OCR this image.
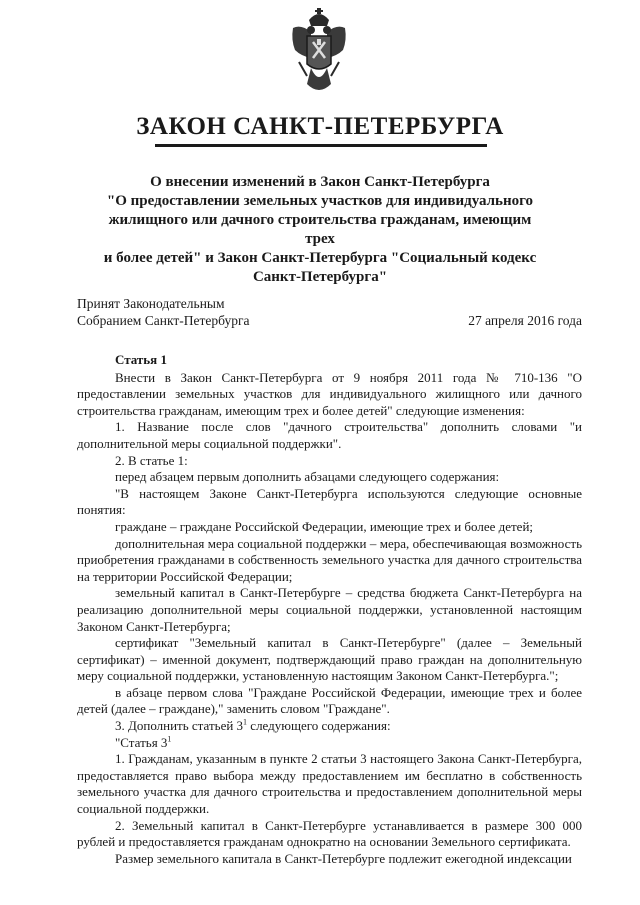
ЗАКОН САНКТ-ПЕТЕРБУРГА
О внесении изменений в Закон Санкт-Петербурга
"О предоставлении земельных участков для индивидуального
жилищного или дачного строительства гражданам, имеющим трех
и более детей" и Закон Санкт-Петербурга "Социальный кодекс
Санкт-Петербурга"
Принят Законодательным
Собранием Санкт-Петербурга	27 апреля 2016 года

Статья 1

Внести в Закон Санкт-Петербурга от 9 ноября 2011 года № 710-136 "О предоставлении земельных участков для индивидуального жилищного или дачного строительства гражданам, имеющим трех и более детей" следующие изменения:

1. Название после слов "дачного строительства" дополнить словами "и дополнительной меры социальной поддержки".

2. В статье 1:

перед абзацем первым дополнить абзацами следующего содержания:

"В настоящем Законе Санкт-Петербурга используются следующие основные понятия:

граждане – граждане Российской Федерации, имеющие трех и более детей;

дополнительная мера социальной поддержки – мера, обеспечивающая возможность приобретения гражданами в собственность земельного участка для дачного строительства на территории Российской Федерации;

земельный капитал в Санкт-Петербурге – средства бюджета Санкт-Петербурга на реализацию дополнительной меры социальной поддержки, установленной настоящим Законом Санкт-Петербурга;

сертификат "Земельный капитал в Санкт-Петербурге" (далее – Земельный сертификат) – именной документ, подтверждающий право граждан на дополнительную меру социальной поддержки, установленную настоящим Законом Санкт-Петербурга.";

в абзаце первом слова "Граждане Российской Федерации, имеющие трех и более детей (далее – граждане)," заменить словом "Граждане".

3. Дополнить статьей $3^1$ следующего содержания:

"Статья $3^1$

1. Гражданам, указанным в пункте 2 статьи 3 настоящего Закона Санкт-Петербурга, предоставляется право выбора между предоставлением им бесплатно в собственность земельного участка для дачного строительства и предоставлением дополнительной меры социальной поддержки.

2. Земельный капитал в Санкт-Петербурге устанавливается в размере 300 000 рублей и предоставляется гражданам однократно на основании Земельного сертификата.

Размер земельного капитала в Санкт-Петербурге подлежит ежегодной индексации
